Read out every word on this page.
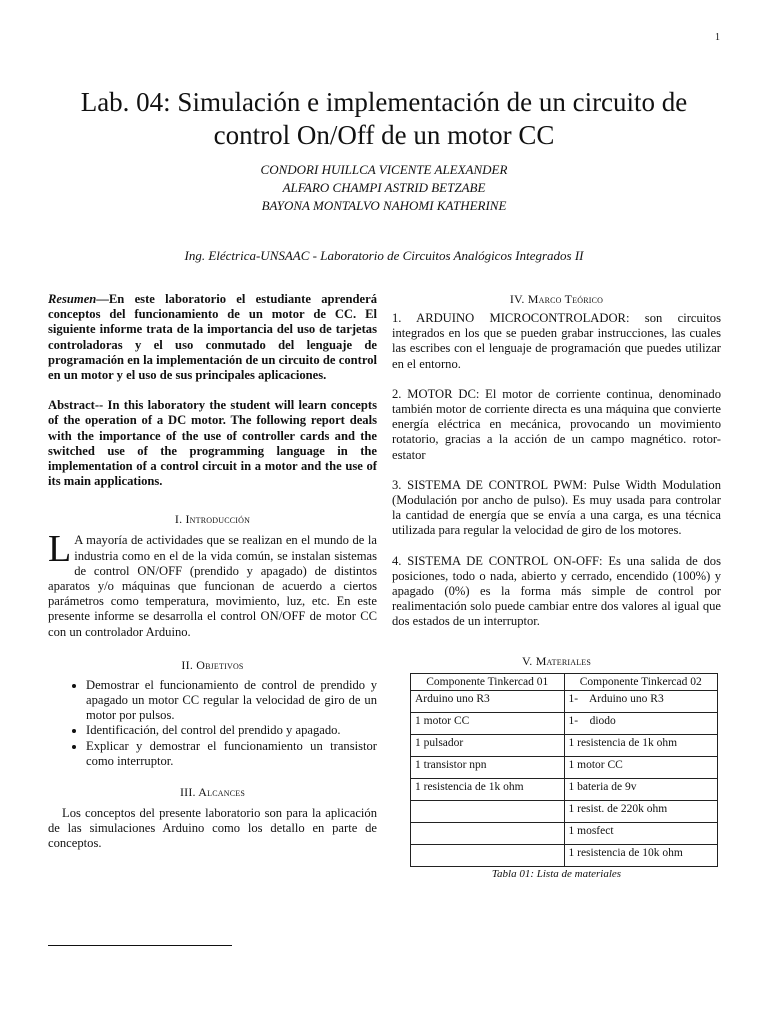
1
Lab. 04: Simulación e implementación de un circuito de control On/Off de un motor CC
CONDORI HUILLCA VICENTE ALEXANDER
ALFARO CHAMPI ASTRID BETZABE
BAYONA MONTALVO NAHOMI KATHERINE
Ing. Eléctrica-UNSAAC - Laboratorio de Circuitos Analógicos Integrados II

Resumen—En este laboratorio el estudiante aprenderá conceptos del funcionamiento de un motor de CC. El siguiente informe trata de la importancia del uso de tarjetas controladoras y el uso conmutado del lenguaje de programación en la implementación de un circuito de control en un motor y el uso de sus principales aplicaciones.

Abstract-- In this laboratory the student will learn concepts of the operation of a DC motor. The following report deals with the importance of the use of controller cards and the switched use of the programming language in the implementation of a control circuit in a motor and the use of its main applications.

I. Introducción

L A mayoría de actividades que se realizan en el mundo de la industria como en el de la vida común, se instalan sistemas de control ON/OFF (prendido y apagado) de distintos aparatos y/o máquinas que funcionan de acuerdo a ciertos parámetros como temperatura, movimiento, luz, etc. En este presente informe se desarrolla el control ON/OFF de motor CC con un controlador Arduino.

II. Objetivos
• Demostrar el funcionamiento de control de prendido y apagado un motor CC regular la velocidad de giro de un motor por pulsos.
• Identificación, del control del prendido y apagado.
• Explicar y demostrar el funcionamiento un transistor como interruptor.
III. Alcances

Los conceptos del presente laboratorio son para la aplicación de las simulaciones Arduino como los detallo en parte de conceptos.

IV. Marco Teórico

1. ARDUINO MICROCONTROLADOR: son circuitos integrados en los que se pueden grabar instrucciones, las cuales las escribes con el lenguaje de programación que puedes utilizar en el entorno.

2. MOTOR DC: El motor de corriente continua, denominado también motor de corriente directa es una máquina que convierte energía eléctrica en mecánica, provocando un movimiento rotatorio, gracias a la acción de un campo magnético. rotor-estator

3. SISTEMA DE CONTROL PWM: Pulse Width Modulation (Modulación por ancho de pulso). Es muy usada para controlar la cantidad de energía que se envía a una carga, es una técnica utilizada para regular la velocidad de giro de los motores.

4. SISTEMA DE CONTROL ON-OFF: Es una salida de dos posiciones, todo o nada, abierto y cerrado, encendido (100%) y apagado (0%) es la forma más simple de control por realimentación solo puede cambiar entre dos valores al igual que dos estados de un interruptor.

V. Materiales
Componente Tinkercad 01	Componente Tinkercad 02
Arduino uno R3	1-    Arduino uno R3
1 motor CC	1-    diodo
1 pulsador	1 resistencia de 1k ohm
1 transistor npn	1 motor CC
1 resistencia de 1k ohm	1 bateria de 9v
	1 resist. de 220k ohm
	1 mosfect
	1 resistencia de 10k ohm

Tabla 01: Lista de materiales
